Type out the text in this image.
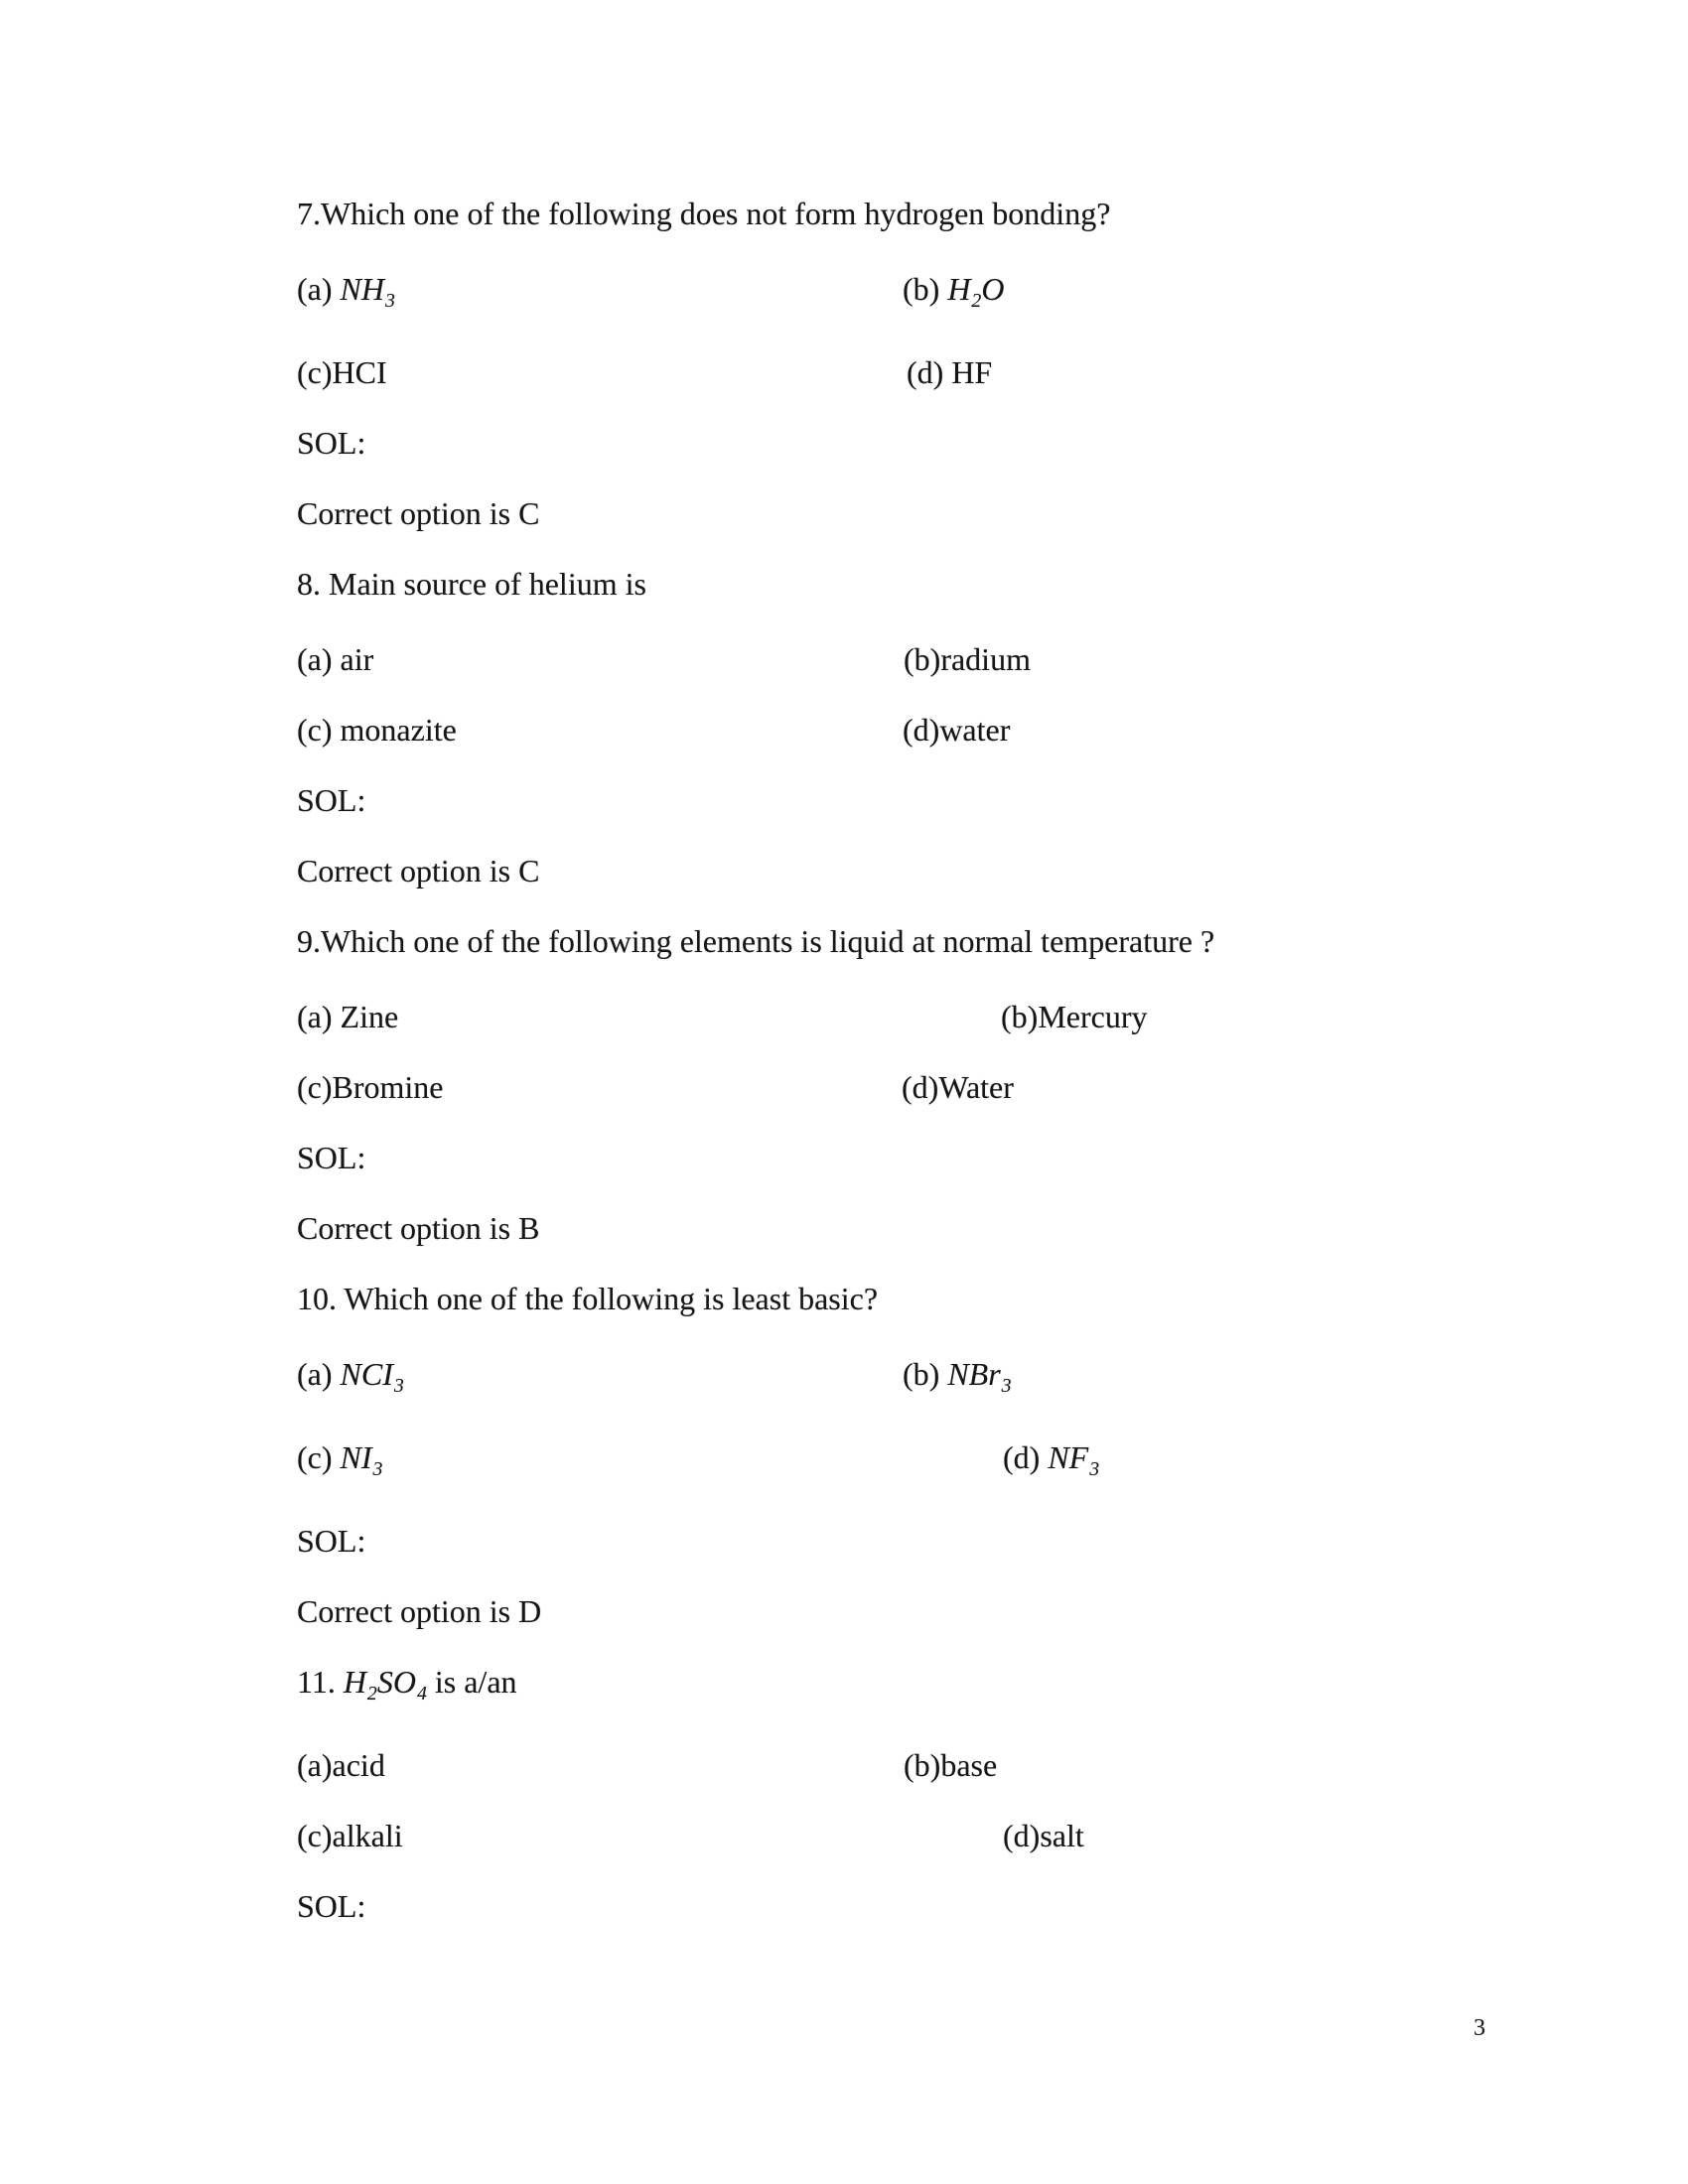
7.Which one of the following does not form hydrogen bonding?
(a) $NH_3$	(b) $H_2O$
(c)HCI	(d) HF
SOL:
Correct option is C
8. Main source of helium is
(a) air	(b)radium
(c) monazite	(d)water
SOL:
Correct option is C
9.Which one of the following elements is liquid at normal temperature ?
(a) Zine	(b)Mercury
(c)Bromine	(d)Water
SOL:
Correct option is B
10. Which one of the following is least basic?
(a) $NCI_3$	(b) NBr$_3$
(c) $NI_3$	(d) $NF_3$
SOL:
Correct option is D
11. $H_2SO_4$ is a/an
(a)acid	(b)base
(c)alkali	(d)salt
SOL:
3
